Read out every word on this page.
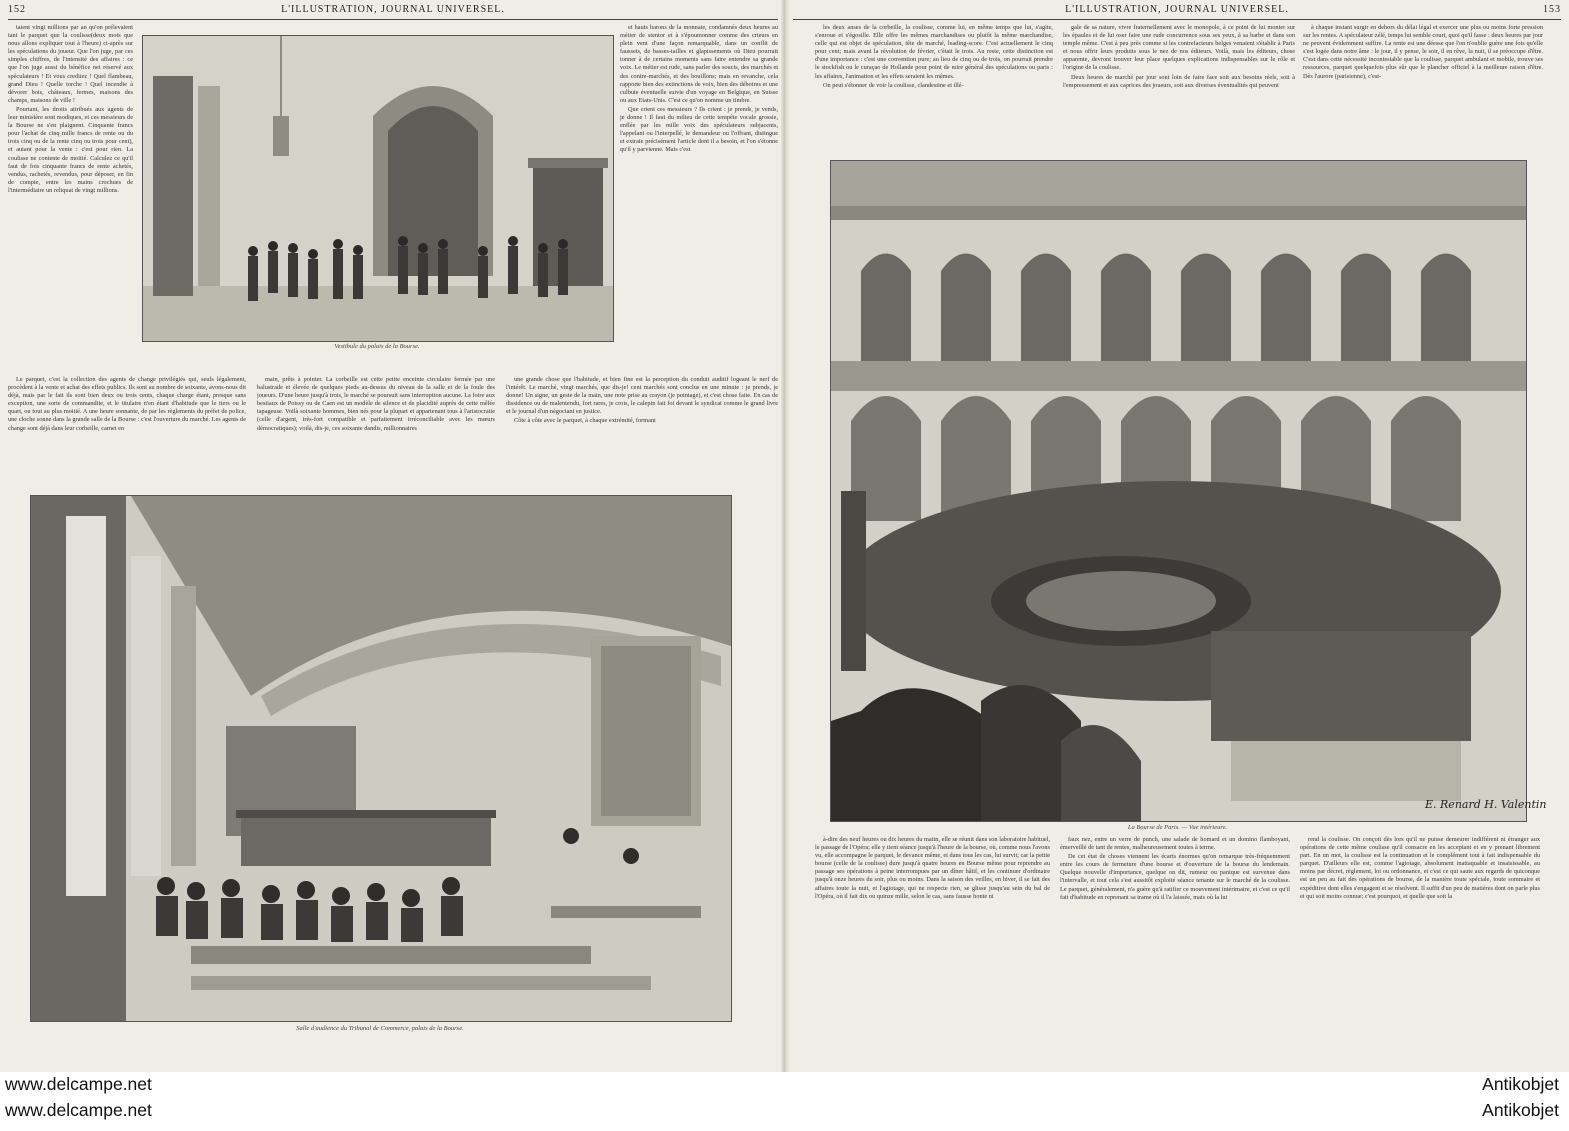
152	L'ILLUSTRATION, JOURNAL UNIVERSEL.

taient vingt millions par an qu'on prélevaient tant le parquet que la coulisse(deux mots que nous allons expliquer tout à l'heure) ci-après sur les spéculations du joueur. Que l'on juge, par ces simples chiffres, de l'intensité des affaires : ce que l'on juge aussi du bénéfice net réservé aux spéculateurs ! Et vous crediiez ! Quel flambeau, grand Dieu ! Quelle torche ! Quel incendie à dévorer bois, châteaux, fermes, maisons des champs, maisons de ville !

Pourtant, les droits attribués aux agents de leur ministère sont modiques, et ces messieurs de la Bourse ne s'en plaignent. Cinquante francs pour l'achat de cinq mille francs de rente ou du trois cinq ou de la rente cinq ou trois pour cent), et autant pour la vente : c'est pour rien. La coulisse ne contente de moitié. Calculez ce qu'il faut de fois cinquante francs de rente achetés, vendus, rachetés, revendus, pour déposer, en fin de compte, entre les mains crochues de l'intermédiaire un reliquat de vingt millions.

Vestibule du palais de la Bourse.

et hauts barons de la monnaie, condamnés deux heures au métier de stentor et à s'époumonner comme des crieurs en plein vent d'une façon remarquable, dans un conflit de faussets, de basses-tailles et glapissements où Dieu pourrait tonner à de certains moments sans faire entendre sa grande voix. Le métier est rude, sans parler des soucis, des marchés et des contre-marchés, et des bouillons; mais en revanche, cela rapporte bien des extinctions de voix, bien des déboires et une culbute éventuelle suivie d'un voyage en Belgique, en Suisse ou aux Etats-Unis. C'est ce qu'on nomme un timbre.

Que crient ces messieurs ? Ils crient : je prends, je vends, je donne ! Il faut du milieu de cette tempête vocale grossie, enflée par les mille voix des spéculateurs subjacents, l'appelant ou l'interpellé, le demandeur ou l'offrant, distingue et extraie précisément l'article dont il a besoin, et l'on s'étonne qu'il y parvienne. Mais c'est

Le parquet, c'est la collection des agents de change privilégiés qui, seuls légalement, procèdent à la vente et achat des effets publics. Ils sont au nombre de soixante, avons-nous dit déjà, mais par le fait ils sont bien deux ou trois cents, chaque charge étant, presque sans exception, une sorte de commandite, et le titulaire n'en étant d'habitude que le tiers ou le quart, ou tout au plus moitié. A une heure sonnante, de par les règlements du préfet de police, une cloche sonne dans la grande salle de la Bourse : c'est l'ouverture du marché. Les agents de change sont déjà dans leur corbeille, carnet en

main, prêts à pointer. La corbeille est cette petite enceinte circulaire fermée par une balustrade et élevée de quelques pieds au-dessus du niveau de la salle et de la foule des joueurs. D'une heure jusqu'à trois, le marché se poursuit sans interruption aucune. La foire aux bestiaux de Poissy ou de Caen est un modèle de silence et de placidité auprès de cette mêlée tapageuse. Voilà soixante hommes, bien nés pour la plupart et appartenant tous à l'aristocratie (celle d'argent, très-fort compatible et parfaitement irréconciliable avec les mœurs démocratiques); voilà, dis-je, ces soixante dandis, millionnaires

une grande chose que l'habitude, et bien fine est la perception du conduit auditif logeant le nerf de l'intérêt. Le marché, vingt marchés, que dis-je! cent marchés sont conclus en une minute : je prends, je donne! Un signe, un geste de la main, une note prise au crayon (je pointage), et c'est chose faite. En cas de dissidence ou de malentendu, fort rares, je crois, le calepin fait foi devant le syndicat comme le grand livre et le journal d'un négociant en justice.

Côte à côte avec le parquet, à chaque extrémité, formant

Salle d'audience du Tribunal de Commerce, palais de la Bourse.
L'ILLUSTRATION, JOURNAL UNIVERSEL.	153

les deux anses de la corbeille, la coulisse, comme lui, en même temps que lui, s'agite, s'enroue et s'égosille. Elle offre les mêmes marchandises ou plutôt la même marchandise, celle qui est objet de spéculation, tête de marché, leading-score. C'est actuellement le cinq pour cent; mais avant la révolution de février, c'était le trois. Au reste, cette distinction est d'une importance : c'est une convention pure; au lieu de cinq ou de trois, on pourrait prendre le stockfish ou le curaçao de Hollande pour point de mire général des spéculations ou paris : les affaires, l'animation et les effets seraient les mêmes.

On peut s'étonner de voir la coulisse, clandestine et illé-

gale de sa nature, vivre fraternellement avec le monopole, à ce point de lui monter sur les épaules et de lui oser faire une rude concurrence sous ses yeux, à sa barbe et dans son temple même. C'est à peu près comme si les contrefacteurs belges venaient s'établir à Paris et nous offrir leurs produits sous le nez de nos éditeurs. Voilà, mais les éditeurs, chose apparente, devront trouver leur place quelques explications indispensables sur le rôle et l'origine de la coulisse.

Deux heures de marché par jour sont loin de faire face soit aux besoins réels, soit à l'empressement et aux caprices des joueurs, soit aux diverses éventualités qui peuvent

à chaque instant surgir en dehors du délai légal et exercer une plus ou moins forte pression sur les rentes. A spéculateur zélé, temps lui semble court, quoi qu'il fasse : deux heures par jour ne peuvent évidemment suffire. La rente est une déesse que l'on n'oublie guère une fois qu'elle s'est logée dans notre âme : le jour, il y pense, le soir, il en rêve, la nuit, il se préoccupe d'être. C'est dans cette nécessité incontestable que la coulisse, parquet ambulant et mobile, trouve ses ressources, parquet quelquefois plus sûr que le plancher officiel à la meilleure raison d'être. Dès l'aurore (parisienne), c'est-

E. Renard H. Valentin
La Bourse de Paris. — Vue intérieure.

à-dire des neuf heures ou dix heures du matin, elle se réunit dans son laboratoire habituel, le passage de l'Opéra; elle y tient séance jusqu'à l'heure de la bourse, où, comme nous l'avons vu, elle accompagne le parquet, le devance même, et dans tous les cas, lui survit; car la petite bourse (celle de la coulisse) dure jusqu'à quatre heures en Bourse même pour reprendre au passage ses opérations à peine interrompues par un dîner hâtif, et les continuer d'ordinaire jusqu'à onze heures du soir, plus ou moins. Dans la saison des veilles, en hiver, il se fait des affaires toute la nuit, et l'agiotage, qui ne respecte rien, se glisse jusqu'au sein du bal de l'Opéra, où il fait dix ou quinze mille, selon le cas, sans fausse honte ni

faux nez, entre un verre de punch, une salade de homard et un domino flamboyant, émerveillé de tant de rentes, malheureusement toutes à terme.

De cet état de choses viennent les écarts énormes qu'on remarque très-fréquemment entre les cours de fermeture d'une bourse et d'ouverture de la bourse du lendemain. Quelque nouvelle d'importance, quelque on dit, rumeur ou panique est survenue dans l'intervalle, et tout cela s'est aussitôt exploité séance tenante sur le marché de la coulisse. Le parquet, généralement, n'a guère qu'à ratifier ce mouvement intérimaire, et c'est ce qu'il fait d'habitude en reprenant sa trame où il l'a laissée, mais où la lui

rend la coulisse. On conçoit dès lors qu'il ne puisse demeurer indifférent ni étranger aux opérations de cette même coulisse qu'il consacre en les acceptant et en y prenant librement part. En un mot, la coulisse est la continuation et le complément tout à fait indispensable du parquet. D'ailleurs elle est, comme l'agiotage, absolument inattaquable et insaisissable, au moins par décret, règlement, loi ou ordonnance, et c'est ce qui saute aux regards de quiconque est un peu au fait des opérations de bourse, de la manière toute spéciale, toute sommaire et expéditive dont elles s'engagent et se résolvent. Il suffit d'un peu de matières dont on parle plus et qui soit moins connue; c'est pourquoi, et quelle que soit la

www.delcampe.net
www.delcampe.net
Antikobjet
Antikobjet
